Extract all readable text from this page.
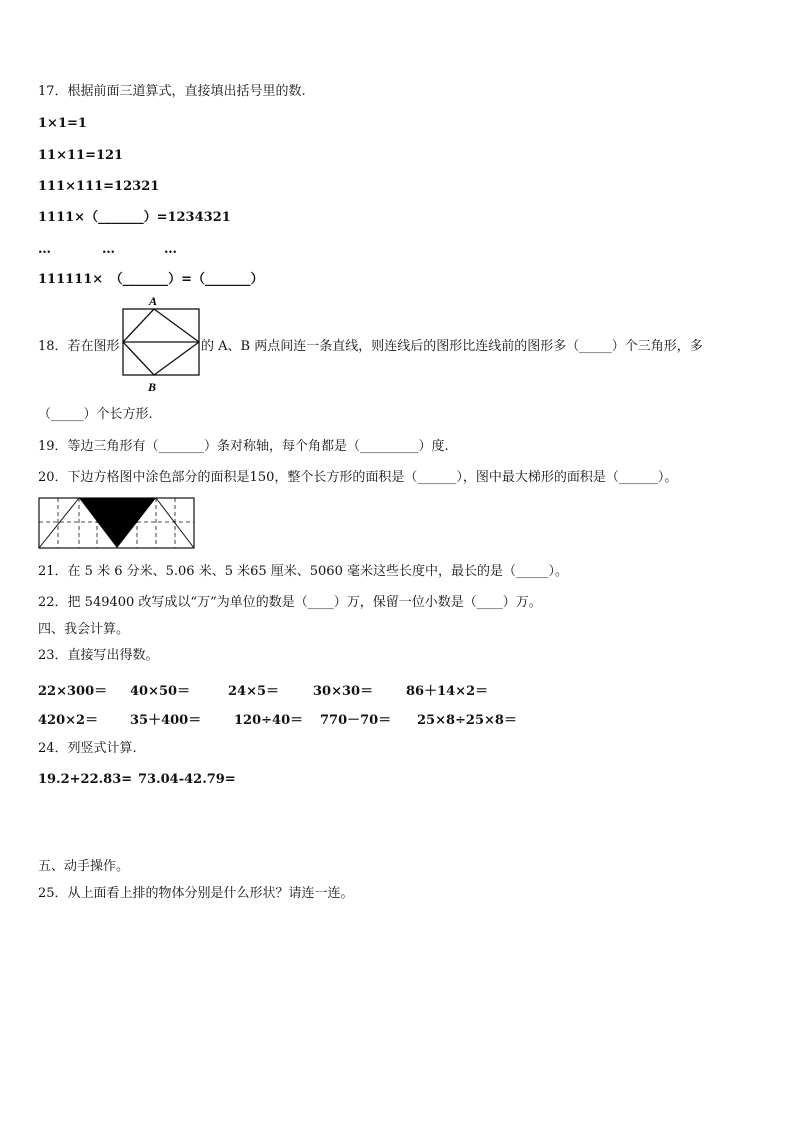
17．根据前面三道算式，直接填出括号里的数.
1×1=1
11×11=121
111×111=12321
1111×（_______）=1234321
…	…	…
111111×　（_______）=（_______）
A
B
18．若在图形	的 A、B 两点间连一条直线，则连线后的图形比连线前的图形多（_____）个三角形，多
（_____）个长方形.
19．等边三角形有（_______）条对称轴，每个角都是（_________）度.
20．下边方格图中涂色部分的面积是150，整个长方形的面积是（______），图中最大梯形的面积是（______）。
21．在 5 米 6 分米、5.06 米、5 米65 厘米、5060 毫米这些长度中，最长的是（_____）。
22．把 549400 改写成以“万”为单位的数是（____）万，保留一位小数是（____）万。
四、我会计算。
23．直接写出得数。
22×300＝ 40×50＝	24×5＝	30×30＝	86＋14×2＝
420×2＝ 35＋400＝	120÷40＝ 770－70＝ 25×8÷25×8＝
24．列竖式计算.
19.2+22.83= 73.04-42.79=
五、动手操作。
25．从上面看上排的物体分别是什么形状？请连一连。
